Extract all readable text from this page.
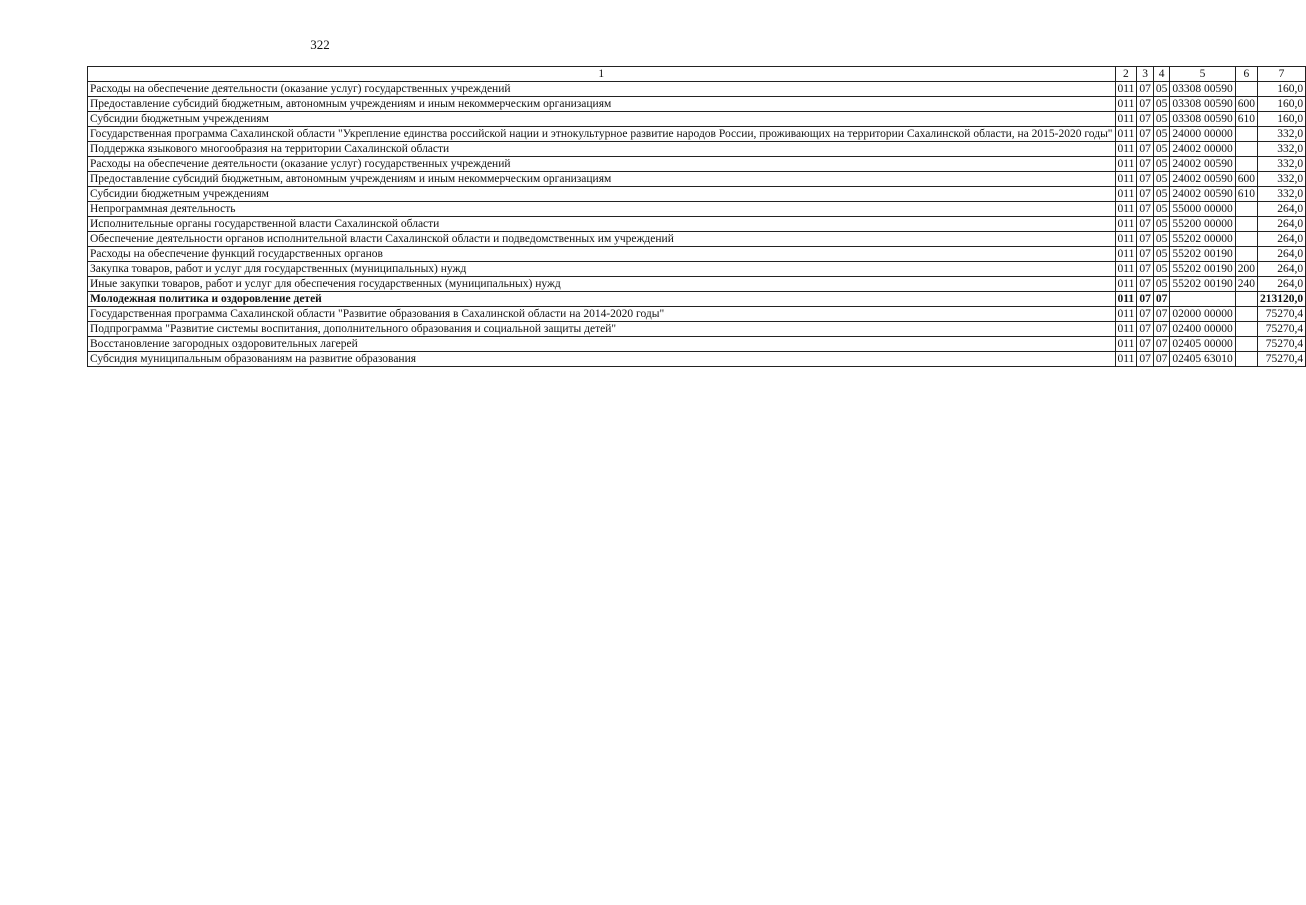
322
1	2	3	4	5	6	7
Расходы на обеспечение деятельности (оказание услуг) государственных учреждений	011	07	05	03308 00590		160,0
Предоставление субсидий бюджетным, автономным учреждениям и иным некоммерческим организациям	011	07	05	03308 00590	600	160,0
Субсидии бюджетным учреждениям	011	07	05	03308 00590	610	160,0
Государственная программа Сахалинской области "Укрепление единства российской нации и этнокультурное развитие народов России, проживающих на территории Сахалинской области, на 2015-2020 годы"	011	07	05	24000 00000		332,0
Поддержка языкового многообразия на территории Сахалинской области	011	07	05	24002 00000		332,0
Расходы на обеспечение деятельности (оказание услуг) государственных учреждений	011	07	05	24002 00590		332,0
Предоставление субсидий бюджетным, автономным учреждениям и иным некоммерческим организациям	011	07	05	24002 00590	600	332,0
Субсидии бюджетным учреждениям	011	07	05	24002 00590	610	332,0
Непрограммная деятельность	011	07	05	55000 00000		264,0
Исполнительные органы государственной власти Сахалинской области	011	07	05	55200 00000		264,0
Обеспечение деятельности органов исполнительной власти Сахалинской области и подведомственных им учреждений	011	07	05	55202 00000		264,0
Расходы на обеспечение функций государственных органов	011	07	05	55202 00190		264,0
Закупка товаров, работ и услуг для государственных (муниципальных) нужд	011	07	05	55202 00190	200	264,0
Иные закупки товаров, работ и услуг для обеспечения государственных (муниципальных) нужд	011	07	05	55202 00190	240	264,0
Молодежная политика и оздоровление детей	011	07	07			213120,0
Государственная программа Сахалинской области "Развитие образования в Сахалинской области на 2014-2020 годы"	011	07	07	02000 00000		75270,4
Подпрограмма "Развитие системы воспитания, дополнительного образования и социальной защиты детей"	011	07	07	02400 00000		75270,4
Восстановление загородных оздоровительных лагерей	011	07	07	02405 00000		75270,4
Субсидия муниципальным образованиям на развитие образования	011	07	07	02405 63010		75270,4
